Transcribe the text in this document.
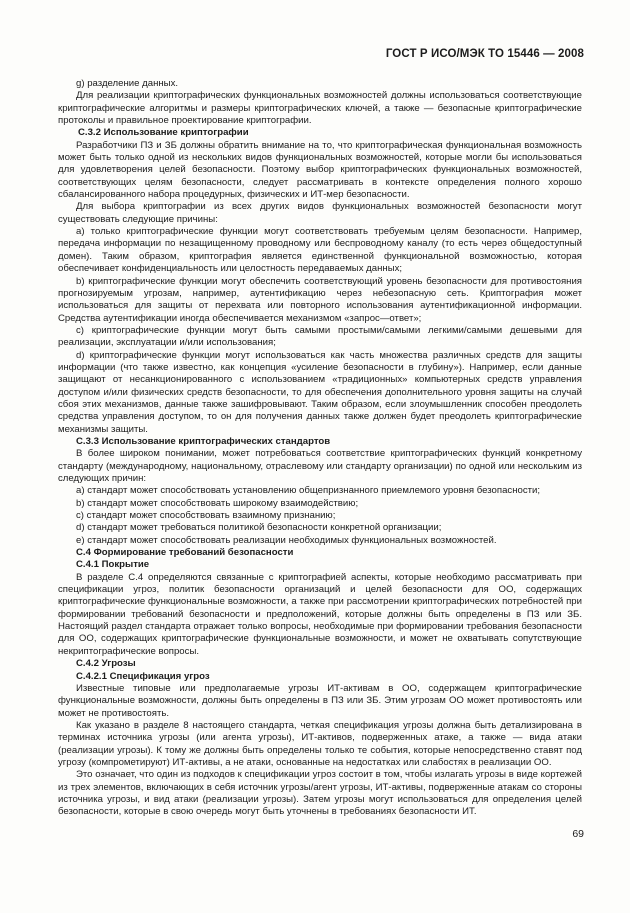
ГОСТ Р ИСО/МЭК ТО 15446 — 2008

g) разделение данных.

Для реализации криптографических функциональных возможностей должны использоваться соответствующие криптографические алгоритмы и размеры криптографических ключей, а также — безопасные криптографические протоколы и правильное проектирование криптографии.

С.3.2 Использование криптографии

Разработчики ПЗ и ЗБ должны обратить внимание на то, что криптографическая функциональная возможность может быть только одной из нескольких видов функциональных возможностей, которые могли бы использоваться для удовлетворения целей безопасности. Поэтому выбор криптографических функциональных возможностей, соответствующих целям безопасности, следует рассматривать в контексте определения полного хорошо сбалансированного набора процедурных, физических и ИТ-мер безопасности.

Для выбора криптографии из всех других видов функциональных возможностей безопасности могут существовать следующие причины:

а) только криптографические функции могут соответствовать требуемым целям безопасности. Например, передача информации по незащищенному проводному или беспроводному каналу (то есть через общедоступный домен). Таким образом, криптография является единственной функциональной возможностью, которая обеспечивает конфиденциальность или целостность передаваемых данных;

b) криптографические функции могут обеспечить соответствующий уровень безопасности для противостояния прогнозируемым угрозам, например, аутентификацию через небезопасную сеть. Криптография может использоваться для защиты от перехвата или повторного использования аутентификационной информации. Средства аутентификации иногда обеспечивается механизмом «запрос—ответ»;

с) криптографические функции могут быть самыми простыми/самыми легкими/самыми дешевыми для реализации, эксплуатации и/или использования;

d) криптографические функции могут использоваться как часть множества различных средств для защиты информации (что также известно, как концепция «усиление безопасности в глубину»). Например, если данные защищают от несанкционированного с использованием «традиционных» компьютерных средств управления доступом и/или физических средств безопасности, то для обеспечения дополнительного уровня защиты на случай сбоя этих механизмов, данные также зашифровывают. Таким образом, если злоумышленник способен преодолеть средства управления доступом, то он для получения данных также должен будет преодолеть криптографические механизмы защиты.

С.3.3 Использование криптографических стандартов

В более широком понимании, может потребоваться соответствие криптографических функций конкретному стандарту (международному, национальному, отраслевому или стандарту организации) по одной или нескольким из следующих причин:

а) стандарт может способствовать установлению общепризнанного приемлемого уровня безопасности;

b) стандарт может способствовать широкому взаимодействию;

с) стандарт может способствовать взаимному признанию;

d) стандарт может требоваться политикой безопасности конкретной организации;

е) стандарт может способствовать реализации необходимых функциональных возможностей.

С.4 Формирование требований безопасности

С.4.1 Покрытие

В разделе С.4 определяются связанные с криптографией аспекты, которые необходимо рассматривать при спецификации угроз, политик безопасности организаций и целей безопасности для ОО, содержащих криптографические функциональные возможности, а также при рассмотрении криптографических потребностей при формировании требований безопасности и предположений, которые должны быть определены в ПЗ или ЗБ. Настоящий раздел стандарта отражает только вопросы, необходимые при формировании требования безопасности для ОО, содержащих криптографические функциональные возможности, и может не охватывать сопутствующие некриптографические вопросы.

С.4.2 Угрозы

С.4.2.1 Спецификация угроз

Известные типовые или предполагаемые угрозы ИТ-активам в ОО, содержащем криптографические функциональные возможности, должны быть определены в ПЗ или ЗБ. Этим угрозам ОО может противостоять или может не противостоять.

Как указано в разделе 8 настоящего стандарта, четкая спецификация угрозы должна быть детализирована в терминах источника угрозы (или агента угрозы), ИТ-активов, подверженных атаке, а также — вида атаки (реализации угрозы). К тому же должны быть определены только те события, которые непосредственно ставят под угрозу (компрометируют) ИТ-активы, а не атаки, основанные на недостатках или слабостях в реализации ОО.

Это означает, что один из подходов к спецификации угроз состоит в том, чтобы излагать угрозы в виде кортежей из трех элементов, включающих в себя источник угрозы/агент угрозы, ИТ-активы, подверженные атакам со стороны источника угрозы, и вид атаки (реализации угрозы). Затем угрозы могут использоваться для определения целей безопасности, которые в свою очередь могут быть уточнены в требованиях безопасности ИТ.

69
